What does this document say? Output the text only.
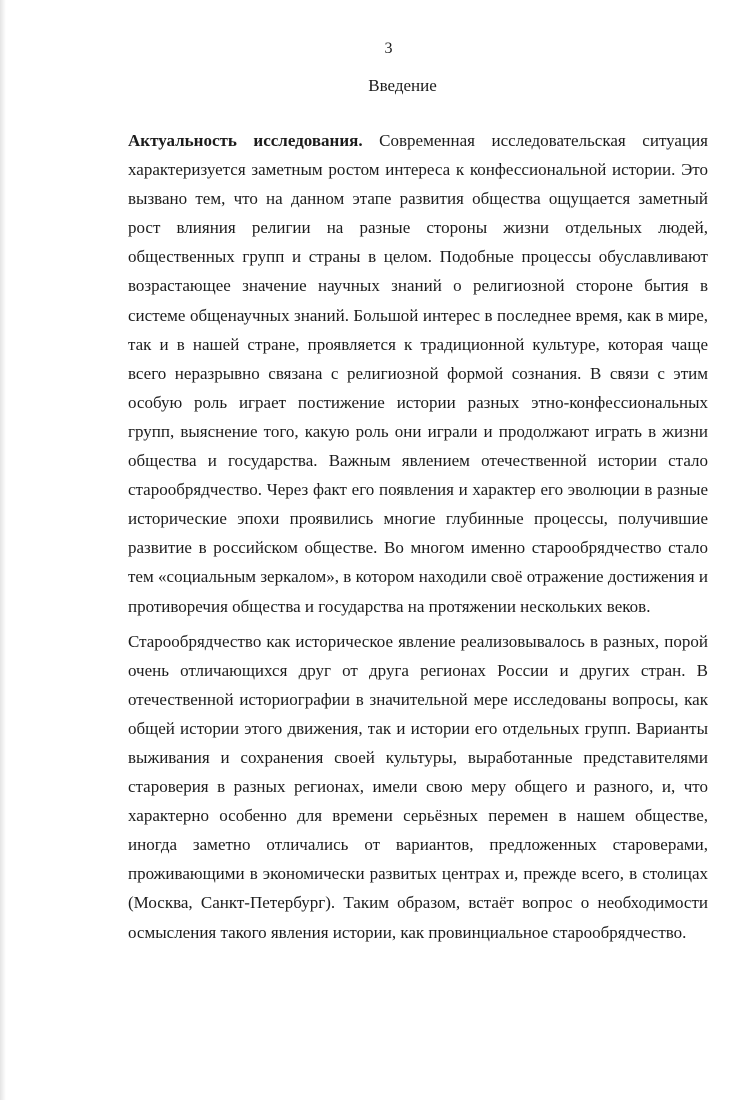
3
Введение

Актуальность исследования. Современная исследовательская ситуация характеризуется заметным ростом интереса к конфессиональной истории. Это вызвано тем, что на данном этапе развития общества ощущается заметный рост влияния религии на разные стороны жизни отдельных людей, общественных групп и страны в целом. Подобные процессы обуславливают возрастающее значение научных знаний о религиозной стороне бытия в системе общенаучных знаний. Большой интерес в последнее время, как в мире, так и в нашей стране, проявляется к традиционной культуре, которая чаще всего неразрывно связана с религиозной формой сознания. В связи с этим особую роль играет постижение истории разных этно-конфессиональных групп, выяснение того, какую роль они играли и продолжают играть в жизни общества и государства. Важным явлением отечественной истории стало старообрядчество. Через факт его появления и характер его эволюции в разные исторические эпохи проявились многие глубинные процессы, получившие развитие в российском обществе. Во многом именно старообрядчество стало тем «социальным зеркалом», в котором находили своё отражение достижения и противоречия общества и государства на протяжении нескольких веков.

Старообрядчество как историческое явление реализовывалось в разных, порой очень отличающихся друг от друга регионах России и других стран. В отечественной историографии в значительной мере исследованы вопросы, как общей истории этого движения, так и истории его отдельных групп. Варианты выживания и сохранения своей культуры, выработанные представителями староверия в разных регионах, имели свою меру общего и разного, и, что характерно особенно для времени серьёзных перемен в нашем обществе, иногда заметно отличались от вариантов, предложенных староверами, проживающими в экономически развитых центрах и, прежде всего, в столицах (Москва, Санкт-Петербург). Таким образом, встаёт вопрос о необходимости осмысления такого явления истории, как провинциальное старообрядчество.
